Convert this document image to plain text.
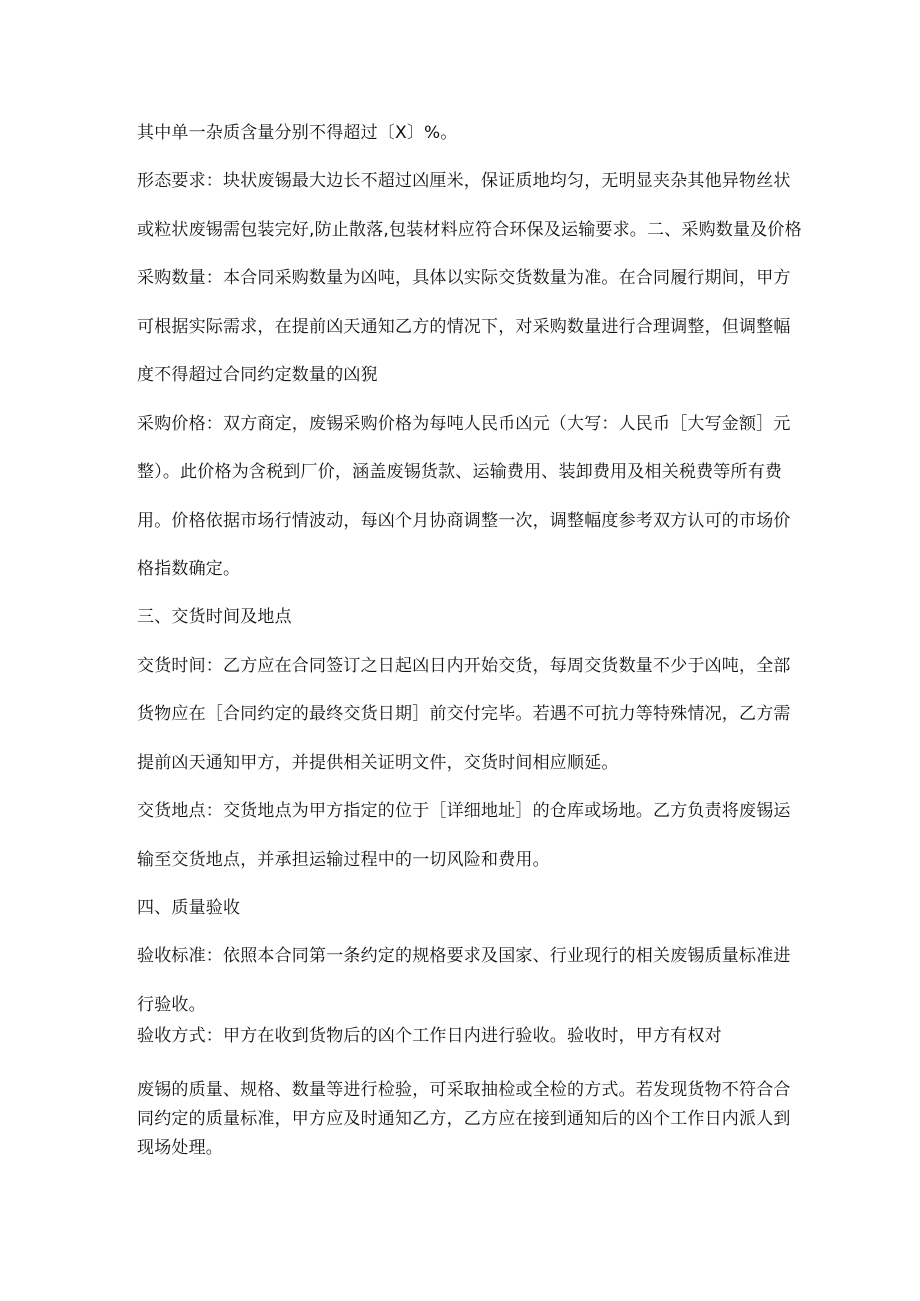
其中单一杂质含量分别不得超过〔X〕%。
形态要求：块状废锡最大边长不超过凶厘米，保证质地均匀，无明显夹杂其他异物丝状
或粒状废锡需包装完好,防止散落,包装材料应符合环保及运输要求。二、采购数量及价格
采购数量：本合同采购数量为凶吨，具体以实际交货数量为准。在合同履行期间，甲方
可根据实际需求，在提前凶天通知乙方的情况下，对采购数量进行合理调整，但调整幅
度不得超过合同约定数量的凶猊
采购价格：双方商定，废锡采购价格为每吨人民币凶元（大写：人民币［大写金额］元
整）。此价格为含税到厂价，涵盖废锡货款、运输费用、装卸费用及相关税费等所有费
用。价格依据市场行情波动，每凶个月协商调整一次，调整幅度参考双方认可的市场价
格指数确定。
三、交货时间及地点
交货时间：乙方应在合同签订之日起凶日内开始交货，每周交货数量不少于凶吨，全部
货物应在［合同约定的最终交货日期］前交付完毕。若遇不可抗力等特殊情况，乙方需
提前凶天通知甲方，并提供相关证明文件，交货时间相应顺延。
交货地点：交货地点为甲方指定的位于［详细地址］的仓库或场地。乙方负责将废锡运
输至交货地点，并承担运输过程中的一切风险和费用。
四、质量验收
验收标准：依照本合同第一条约定的规格要求及国家、行业现行的相关废锡质量标准进
行验收。
验收方式：甲方在收到货物后的凶个工作日内进行验收。验收时，甲方有权对
废锡的质量、规格、数量等进行检验，可采取抽检或全检的方式。若发现货物不符合合
同约定的质量标准，甲方应及时通知乙方，乙方应在接到通知后的凶个工作日内派人到
现场处理。
